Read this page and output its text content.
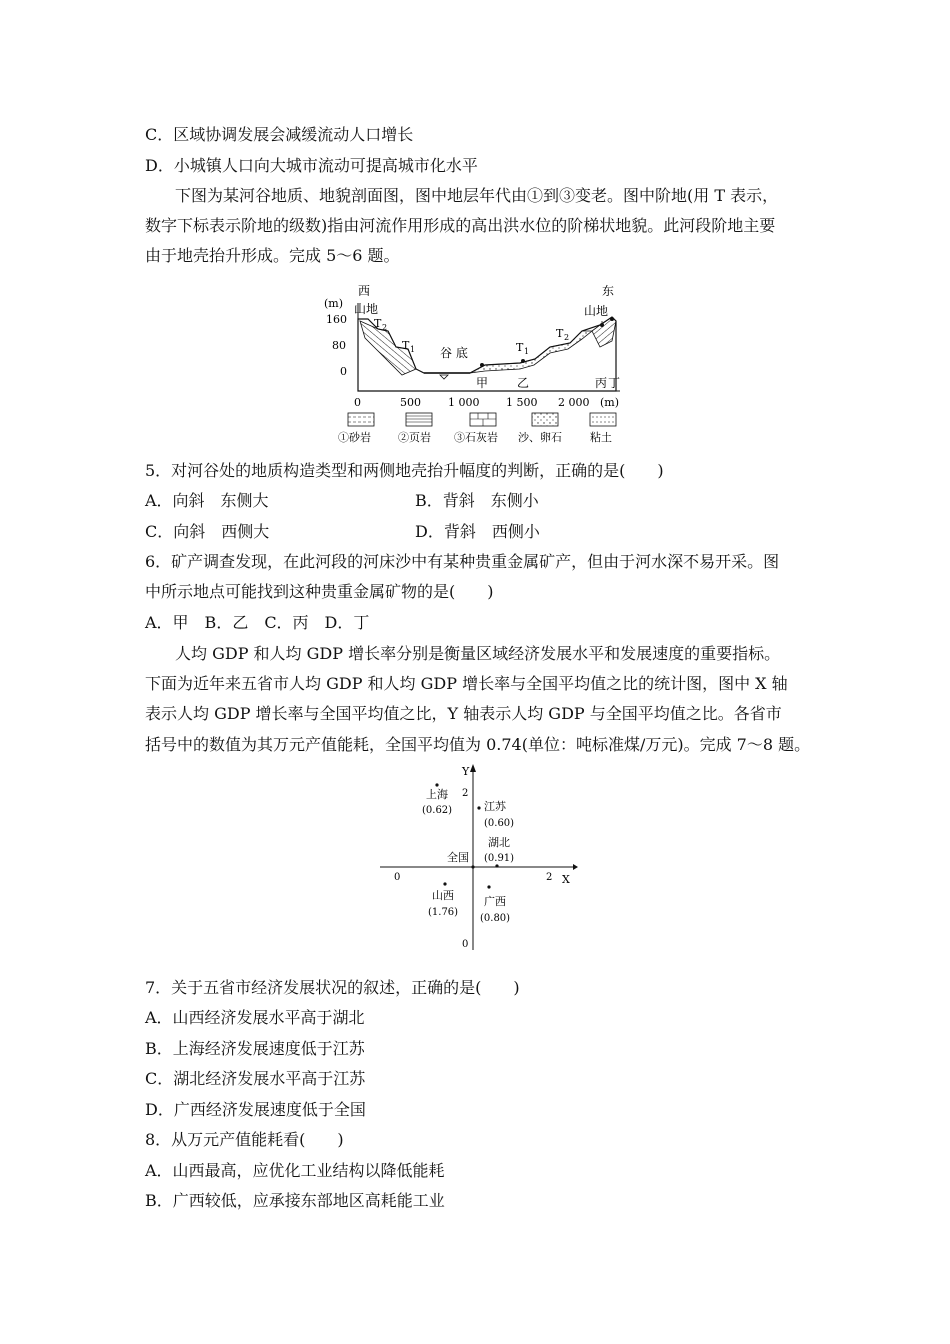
C．区域协调发展会减缓流动人口增长
D．小城镇人口向大城市流动可提高城市化水平
下图为某河谷地质、地貌剖面图，图中地层年代由①到③变老。图中阶地(用 T 表示，
数字下标表示阶地的级数)指由河流作用形成的高出洪水位的阶梯状地貌。此河段阶地主要
由于地壳抬升形成。完成 5～6 题。
西	东
(m) 山地	山地
160
80
0
T 2
T 1 谷 底	T 1
T 2
甲 乙	丙 丁
0	500 1 000 1 500 2 000 (m)
①砂岩 ②页岩 ③石灰岩 沙、卵石	粘土
5．对河谷处的地质构造类型和两侧地壳抬升幅度的判断，正确的是(　　)
A．向斜　东侧大	B．背斜　东侧小
C．向斜　西侧大	D．背斜　西侧小
6．矿产调查发现，在此河段的河床沙中有某种贵重金属矿产，但由于河水深不易开采。图
中所示地点可能找到这种贵重金属矿物的是(　　)
A．甲　B．乙　C．丙　D．丁
人均 GDP 和人均 GDP 增长率分别是衡量区域经济发展水平和发展速度的重要指标。
下面为近年来五省市人均 GDP 和人均 GDP 增长率与全国平均值之比的统计图，图中 X 轴
表示人均 GDP 增长率与全国平均值之比，Y 轴表示人均 GDP 与全国平均值之比。各省市
括号中的数值为其万元产值能耗，全国平均值为 0.74(单位：吨标准煤/万元)。完成 7～8 题。
Y
X
2
0
0	2
上海
(0.62)	江苏
(0.60)
湖北
(0.91)
全国
山西
(1.76)
广西
(0.80)
7．关于五省市经济发展状况的叙述，正确的是(　　)
A．山西经济发展水平高于湖北
B．上海经济发展速度低于江苏
C．湖北经济发展水平高于江苏
D．广西经济发展速度低于全国
8．从万元产值能耗看(　　)
A．山西最高，应优化工业结构以降低能耗
B．广西较低，应承接东部地区高耗能工业
